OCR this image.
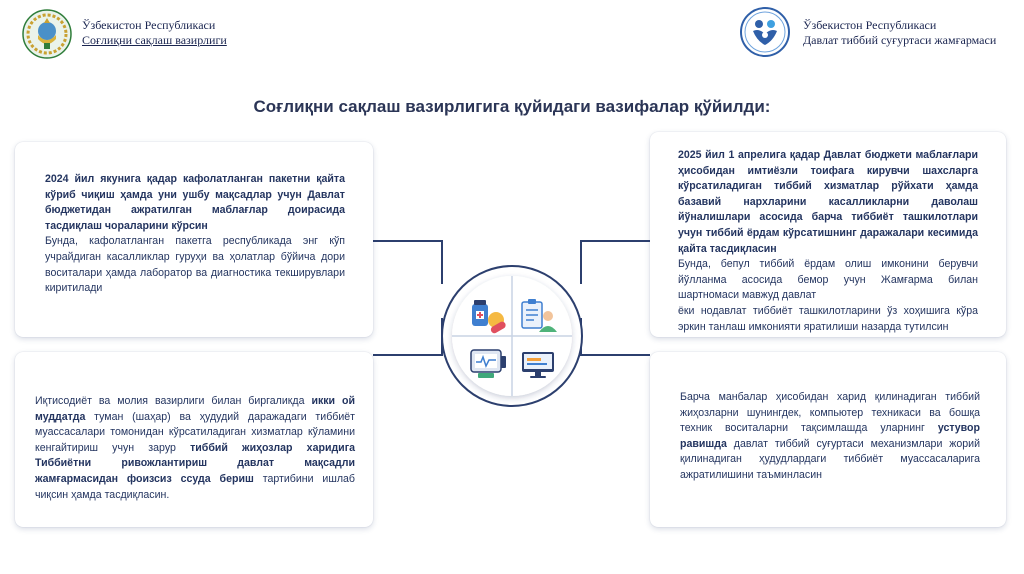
Ўзбекистон Республикаси
Соғлиқни сақлаш вазирлиги
Ўзбекистон Республикаси
Давлат тиббий суғуртаси жамғармаси
Соғлиқни сақлаш вазирлигига қуйидаги вазифалар қўйилди:

2024 йил якунига қадар кафолатланган пакетни қайта кўриб чиқиш ҳамда уни ушбу мақсадлар учун Давлат бюджетидан ажратилган маблағлар доирасида тасдиқлаш чораларини кўрсин

Бунда, кафолатланган пакетга республикада энг кўп учрайдиган касалликлар гуруҳи ва ҳолатлар бўйича дори воситалари ҳамда лаборатор ва диагностика текширувлари киритилади

2025 йил 1 апрелига қадар Давлат бюджети маблағлари ҳисобидан имтиёзли тоифага кирувчи шахсларга кўрсатиладиган тиббий хизматлар рўйхати ҳамда базавий нархларини касалликларни даволаш йўналишлари асосида барча тиббиёт ташкилотлари учун тиббий ёрдам кўрсатишнинг даражалари кесимида қайта тасдиқласин

Бунда, бепул тиббий ёрдам олиш имконини берувчи йўлланма асосида бемор учун Жамғарма билан шартномаси мавжуд давлат

ёки нодавлат тиббиёт ташкилотларини ўз хоҳишига кўра эркин танлаш имконияти яратилиши назарда тутилсин

Иқтисодиёт ва молия вазирлиги билан биргаликда икки ой муддатда туман (шаҳар) ва ҳудудий даражадаги тиббиёт муассасалари томонидан кўрсатиладиган хизматлар кўламини кенгайтириш учун зарур тиббий жиҳозлар харидига Тиббиётни ривожлантириш давлат мақсадли жамғармасидан фоизсиз ссуда бериш тартибини ишлаб чиқсин ҳамда тасдиқласин.

Барча манбалар ҳисобидан харид қилинадиган тиббий жиҳозларни шунингдек, компьютер техникаси ва бошқа техник воситаларни тақсимлашда уларнинг устувор равишда давлат тиббий суғуртаси механизмлари жорий қилинадиган ҳудудлардаги тиббиёт муассасаларига ажратилишини таъминласин
